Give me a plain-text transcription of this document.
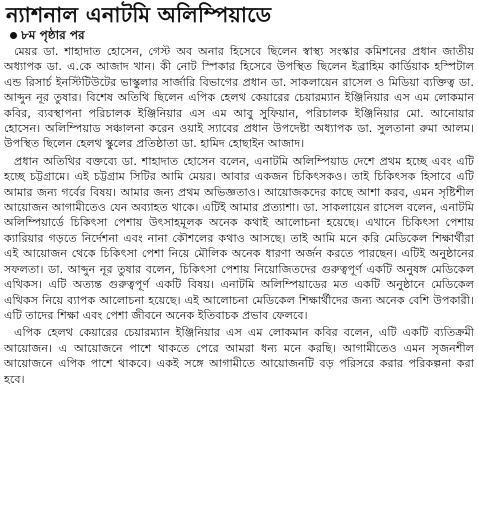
ন্যাশনাল এনাটমি অলিম্পিয়াডে
৮ম পৃষ্ঠার পর

মেয়র ডা. শাহাদাত হোসেন, গেস্ট অব অনার হিসেবে ছিলেন স্বাস্থ্য সংস্কার কমিশনের প্রধান জাতীয় অধ্যাপক ডা. এ.কে আজাদ খান। কী নোট স্পিকার হিসেবে উপস্থিত ছিলেন ইব্রাহিম কার্ডিয়াক হস্পিটাল এন্ড রিসার্চ ইনস্টিটিউটের ভাস্কুলার সার্জারি বিভাগের প্রধান ডা. সাকলায়েন রাসেল ও মিডিয়া ব্যক্তিত্ব ডা. আব্দুন নূর তুষার। বিশেষ অতিথি ছিলেন এপিক হেলথ কেয়ারের চেয়ারম্যান ইঞ্জিনিয়ার এস এম লোকমান কবির, ব্যবস্থাপনা পরিচালক ইঞ্জিনিয়ার এস এম আবু সুফিয়ান, পরিচালক ইঞ্জিনিয়ার মো. আনোয়ার হোসেন। অলিম্পিয়াড সঞ্চালনা করেন ওয়াই স্যাবের প্রধান উপদেষ্টা অধ্যাপক ডা. সুলতানা রুমা আলম। উপস্থিত ছিলেন হেলথ স্কুলের প্রতিষ্ঠাতা ডা. হামিদ হোছাইন আজাদ।

প্রধান অতিথির বক্তব্যে ডা. শাহাদাত হোসেন বলেন, এনাটমি অলিম্পিয়াড দেশে প্রথম হচ্ছে এবং এটি হচ্ছে চট্টগ্রামে। এই চট্টগ্রাম সিটির আমি মেয়র। আবার একজন চিকিৎসকও। তাই চিকিৎসক হিসাবে এটি আমার জন্য গর্বের বিষয়। আমার জন্য প্রথম অভিজ্ঞতাও। আয়োজকদের কাছে আশা করব, এমন সৃষ্টিশীল আয়োজন আগামীতেও যেন অব্যাহত থাকে। এটিই আমার প্রত্যাশা। ডা. সাকলায়েন রাসেল বলেন, এনাটমি অলিম্পিয়ার্ডে চিকিৎসা পেশায় উৎসাহমূলক অনেক কথাই আলোচনা হয়েছে। এখানে চিকিৎসা পেশায় ক্যারিয়ার গড়তে নির্দেশনা এবং নানা কৌশলের কথাও আসছে। তাই আমি মনে করি মেডিকেল শিক্ষার্থীরা এই আয়োজন থেকে চিকিৎসা পেশা নিয়ে মৌলিক অনেক ধারণা অর্জন করতে পারছেন। এটিই অনুষ্ঠানের সফলতা। ডা. আব্দুন নূর তুষার বলেন, চিকিৎসা পেশায় নিয়োজিতদের গুরুত্বপূর্ণ একটি অনুষঙ্গ মেডিকেল এথিকস। এটি অত্যন্ত গুরুত্বপূর্ণ একটি বিষয়। এনাটমি অলিম্পিয়াডের মত একটি অনুষ্ঠানে মেডিকেল এথিকস নিয়ে ব্যাপক আলোচনা হয়েছে। এই আলোচনা মেডিকেল শিক্ষার্থীদের জন্য অনেক বেশি উপকারী। এটি তাদের শিক্ষা এবং পেশা জীবনে অনেক ইতিবাচক প্রভাব ফেলবে।

এপিক হেলথ কেয়ারের চেয়ারম্যান ইঞ্জিনিয়ার এস এম লোকমান কবির বলেন, এটি একটি ব্যতিক্রমী আয়োজন। এ আয়োজনে পাশে থাকতে পেরে আমরা ধন্য মনে করছি। আগামীতেও এমন সৃজনশীল আয়োজনে এপিক পাশে থাকবে। একই সঙ্গে আগামীতে আয়োজনটি বড় পরিসরে করার পরিকল্পনা করা হবে।
